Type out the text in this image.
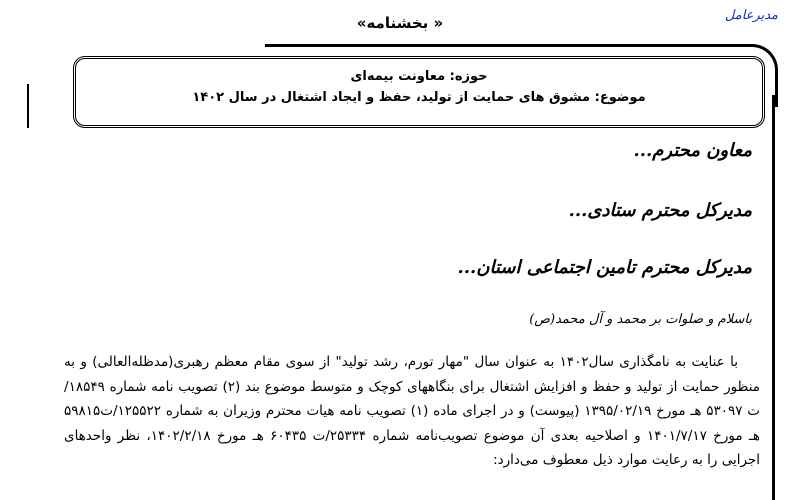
مدیرعامل
«بخشنامه »
حوزه: معاونت بیمه‌ای
موضوع: مشوق های حمایت از تولید، حفظ و ایجاد اشتغال در سال ۱۴۰۲
معاون محترم...
مدیرکل محترم ستادی...
مدیرکل محترم تامین اجتماعی استان...
باسلام و صلوات بر محمد و آل محمد(ص)

با عنایت به نامگذاری سال۱۴۰۲ به عنوان سال "مهار تورم، رشد تولید" از سوی مقام معظم رهبری(مدظله‌العالی) و به منظور حمایت از تولید و حفظ و افزایش اشتغال برای بنگاههای کوچک و متوسط موضوع بند (۲) تصویب نامه شماره ۱۸۵۴۹/ت ۵۳۰۹۷ هـ مورخ ۱۳۹۵/۰۲/۱۹ (پیوست) و در اجرای ماده (۱) تصویب نامه هیات محترم وزیران به شماره ۱۲۵۵۲۲/ت۵۹۸۱۵ هـ مورخ ۱۴۰۱/۷/۱۷ و اصلاحیه بعدی آن موضوع تصویب‌نامه شماره ۲۵۳۳۴/ت ۶۰۴۳۵ هـ مورخ ۱۴۰۲/۲/۱۸، نظر واحدهای اجرایی را به رعایت موارد ذیل معطوف می‌دارد:
